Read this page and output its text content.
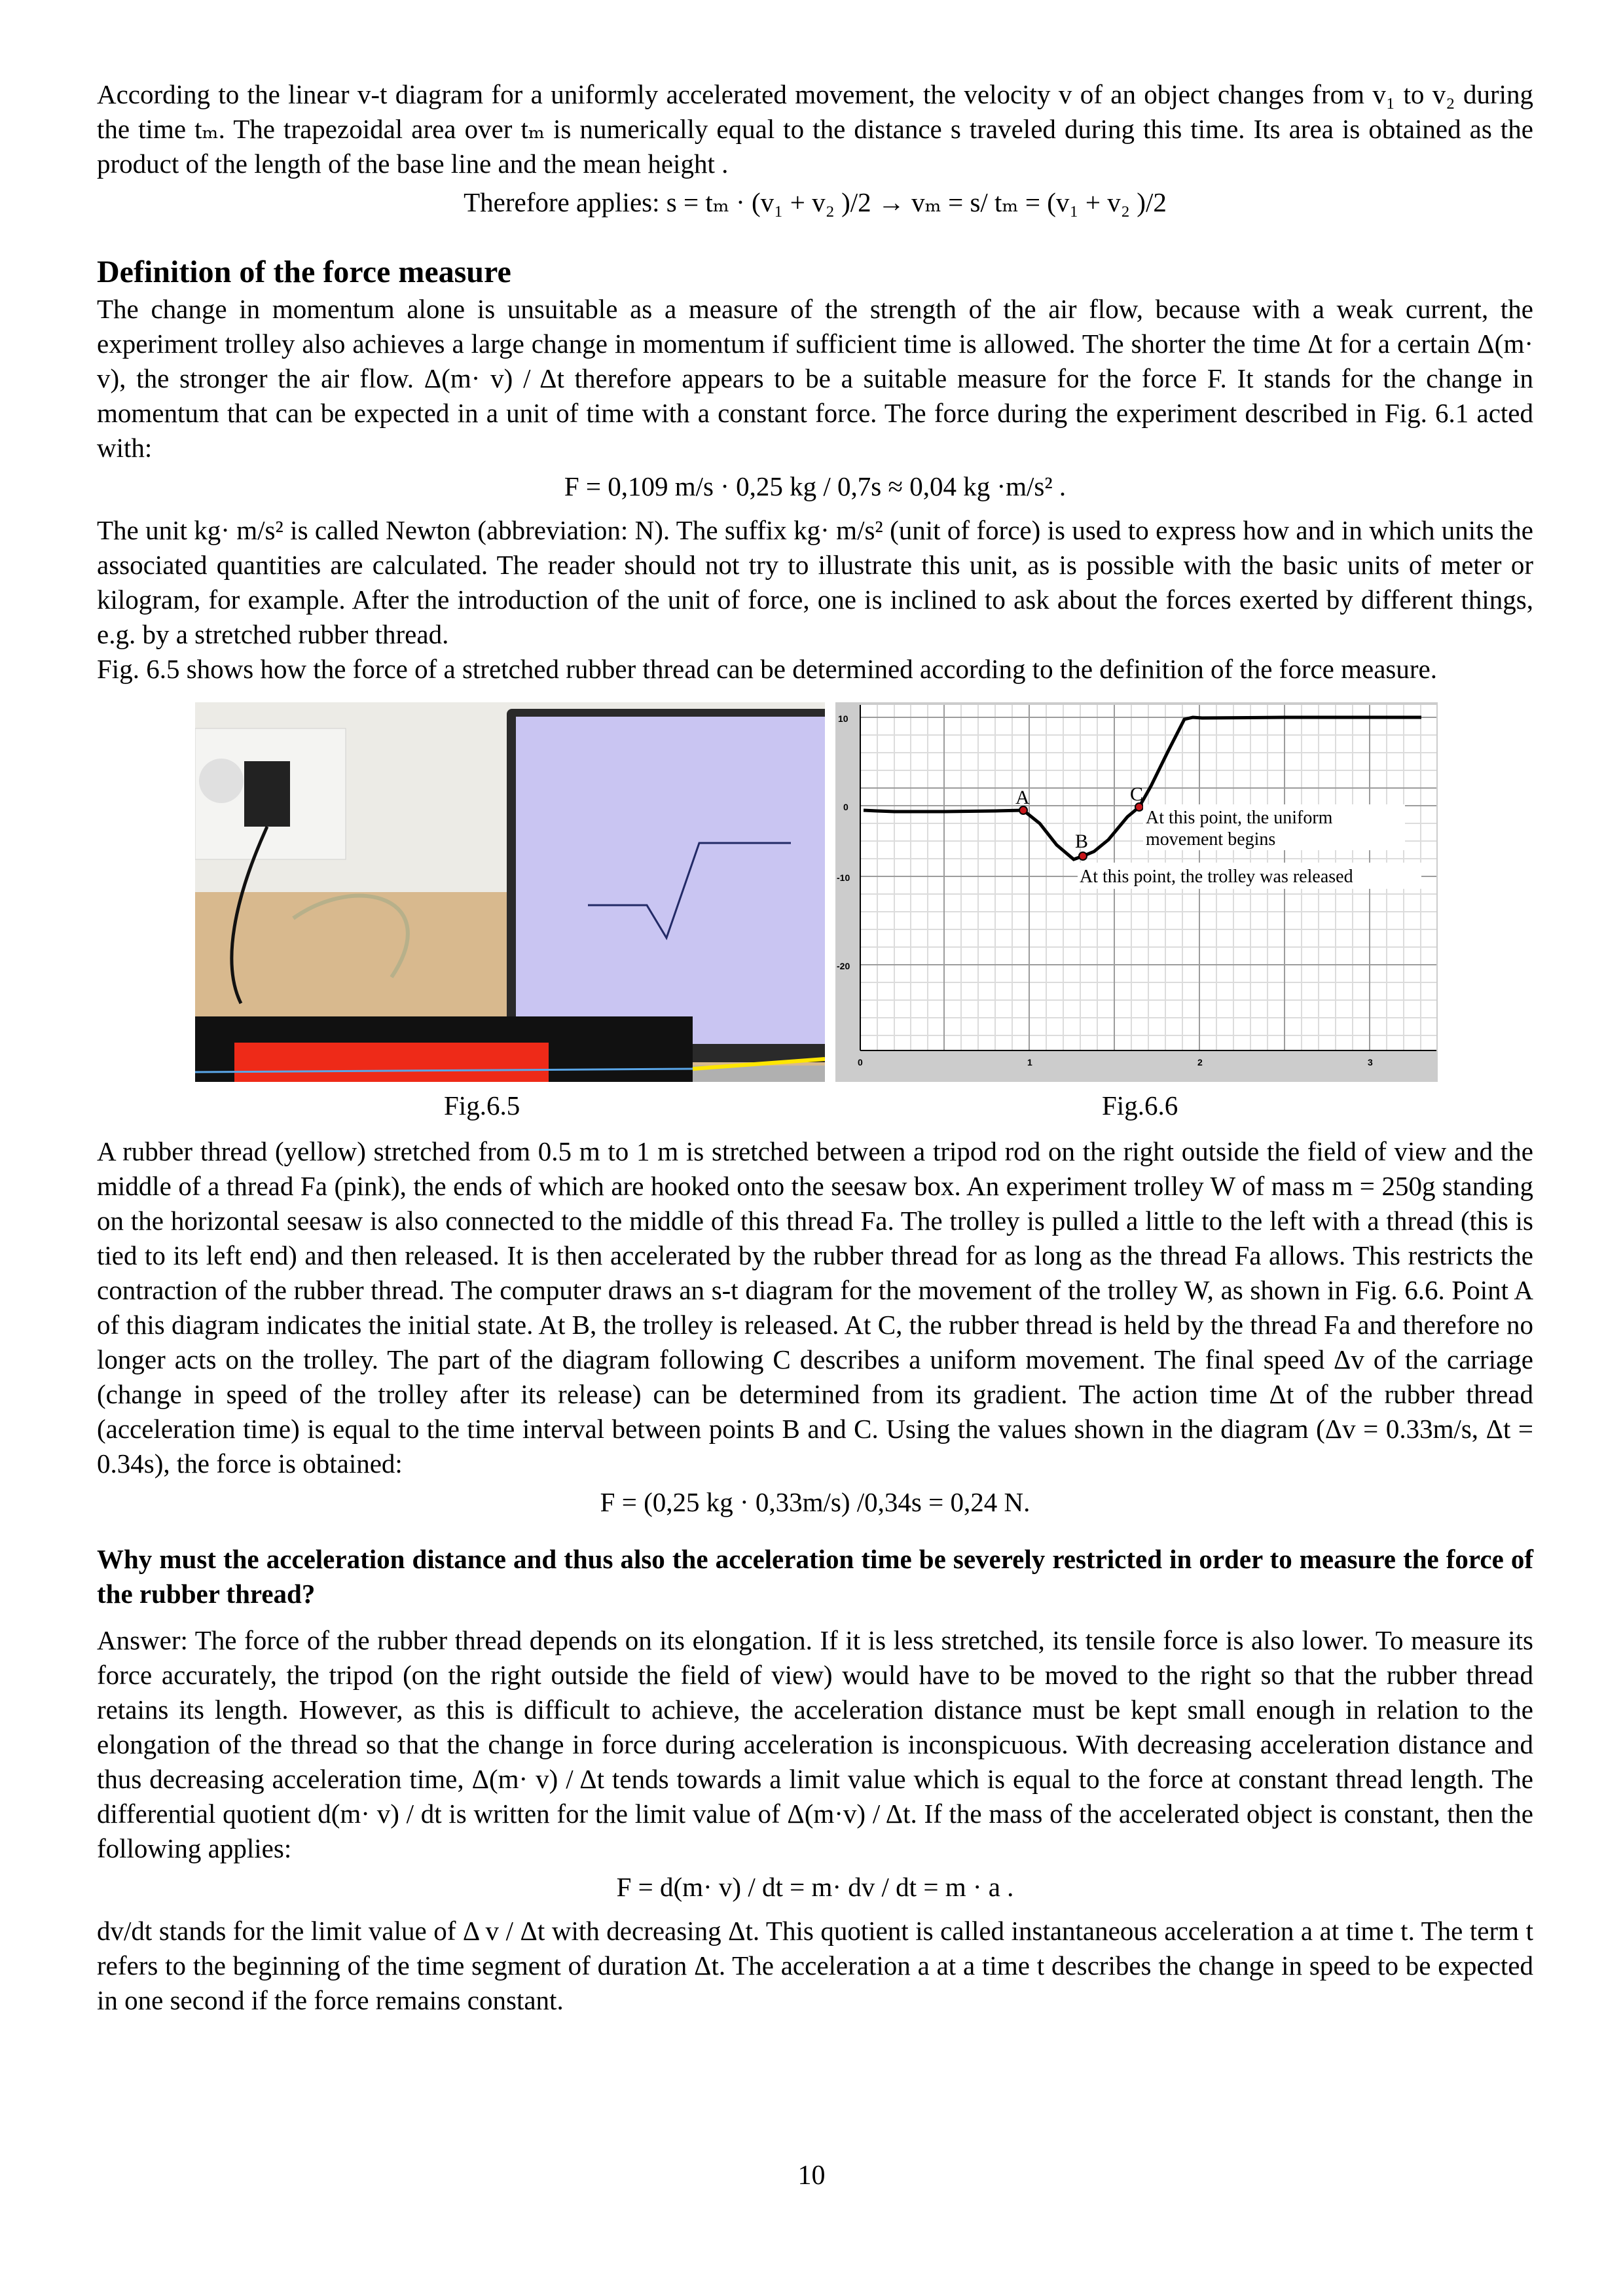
According to the linear v-t diagram for a uniformly accelerated movement, the velocity v of an object changes from v₁ to v₂ during the time tₘ. The trapezoidal area over tₘ is numerically equal to the distance s traveled during this time. Its area is obtained as the product of the length of the base line and the mean height .

Therefore applies: s = tₘ · (v₁ + v₂ )/2 → vₘ = s/ tₘ = (v₁ + v₂ )/2
Definition of the force measure

The change in momentum alone is unsuitable as a measure of the strength of the air flow, because with a weak current, the experiment trolley also achieves a large change in momentum if sufficient time is allowed. The shorter the time Δt for a certain Δ(m· v), the stronger the air flow. Δ(m· v) / Δt therefore appears to be a suitable measure for the force F. It stands for the change in momentum that can be expected in a unit of time with a constant force. The force during the experiment described in Fig. 6.1 acted with:

F = 0,109 m/s · 0,25 kg / 0,7s ≈ 0,04 kg ·m/s² .

The unit kg· m/s² is called Newton (abbreviation: N). The suffix kg· m/s² (unit of force) is used to express how and in which units the associated quantities are calculated. The reader should not try to illustrate this unit, as is possible with the basic units of meter or kilogram, for example. After the introduction of the unit of force, one is inclined to ask about the forces exerted by different things, e.g. by a stretched rubber thread.

Fig. 6.5 shows how the force of a stretched rubber thread can be determined according to the definition of the force measure.

10
0
-10
-20
0	1	2	3
A
B
C
At this point, the uniform
movement begins
At this point, the trolley was released
Fig.6.5	Fig.6.6

A rubber thread (yellow) stretched from 0.5 m to 1 m is stretched between a tripod rod on the right outside the field of view and the middle of a thread Fa (pink), the ends of which are hooked onto the seesaw box. An experiment trolley W of mass m = 250g standing on the horizontal seesaw is also connected to the middle of this thread Fa. The trolley is pulled a little to the left with a thread (this is tied to its left end) and then released. It is then accelerated by the rubber thread for as long as the thread Fa allows. This restricts the contraction of the rubber thread. The computer draws an s-t diagram for the movement of the trolley W, as shown in Fig. 6.6. Point A of this diagram indicates the initial state. At B, the trolley is released. At C, the rubber thread is held by the thread Fa and therefore no longer acts on the trolley. The part of the diagram following C describes a uniform movement. The final speed Δv of the carriage (change in speed of the trolley after its release) can be determined from its gradient. The action time Δt of the rubber thread (acceleration time) is equal to the time interval between points B and C. Using the values shown in the diagram (Δv = 0.33m/s, Δt = 0.34s), the force is obtained:

F = (0,25 kg · 0,33m/s) /0,34s = 0,24 N.

Why must the acceleration distance and thus also the acceleration time be severely restricted in order to measure the force of the rubber thread?

Answer: The force of the rubber thread depends on its elongation. If it is less stretched, its tensile force is also lower. To measure its force accurately, the tripod (on the right outside the field of view) would have to be moved to the right so that the rubber thread retains its length. However, as this is difficult to achieve, the acceleration distance must be kept small enough in relation to the elongation of the thread so that the change in force during acceleration is inconspicuous. With decreasing acceleration distance and thus decreasing acceleration time, Δ(m· v) / Δt tends towards a limit value which is equal to the force at constant thread length. The differential quotient d(m· v) / dt is written for the limit value of Δ(m·v) / Δt. If the mass of the accelerated object is constant, then the following applies:

F = d(m· v) / dt = m· dv / dt = m · a .

dv/dt stands for the limit value of Δ v / Δt with decreasing Δt. This quotient is called instantaneous acceleration a at time t. The term t refers to the beginning of the time segment of duration Δt. The acceleration a at a time t describes the change in speed to be expected in one second if the force remains constant.

10
